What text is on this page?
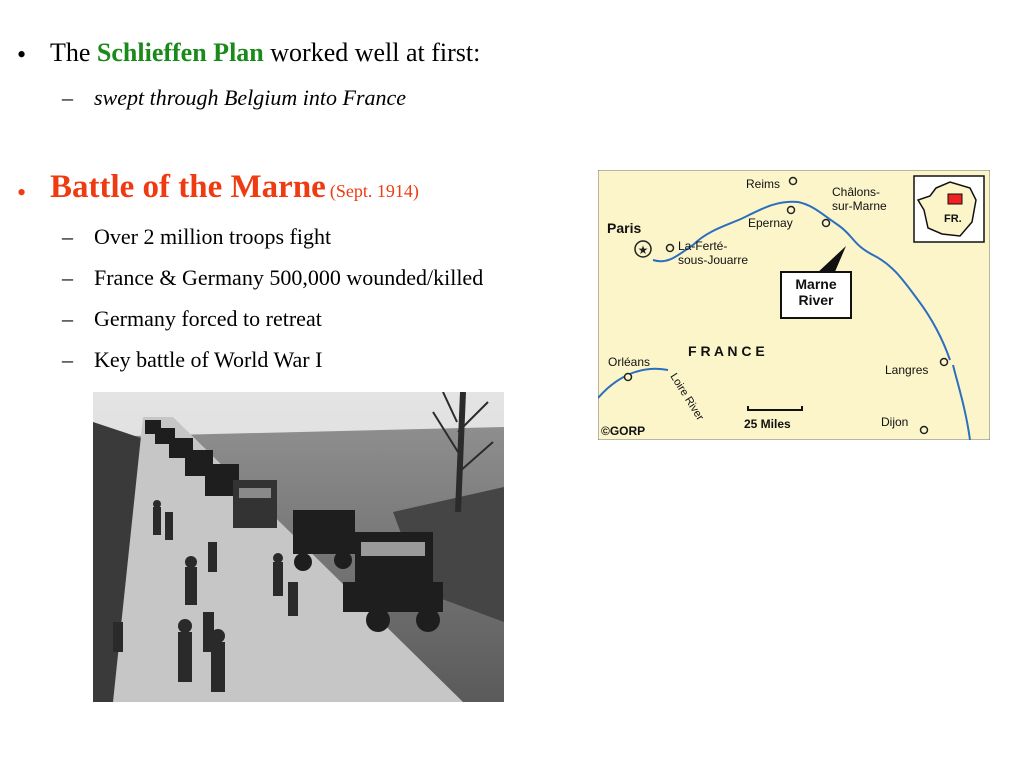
• The Schlieffen Plan worked well at first:
– swept through Belgium into France
• Battle of the Marne (Sept. 1914)
– Over 2 million troops fight
– France & Germany 500,000 wounded/killed
– Germany forced to retreat
– Key battle of World War I
★
Reims
Châlons-sur-Marne
Epernay
Paris
La-Ferté-sous-Jouarre
Orléans
Langres
Dijon
F R A N C E
Loire River
Marne River
25 Miles
©GORP
FR.
